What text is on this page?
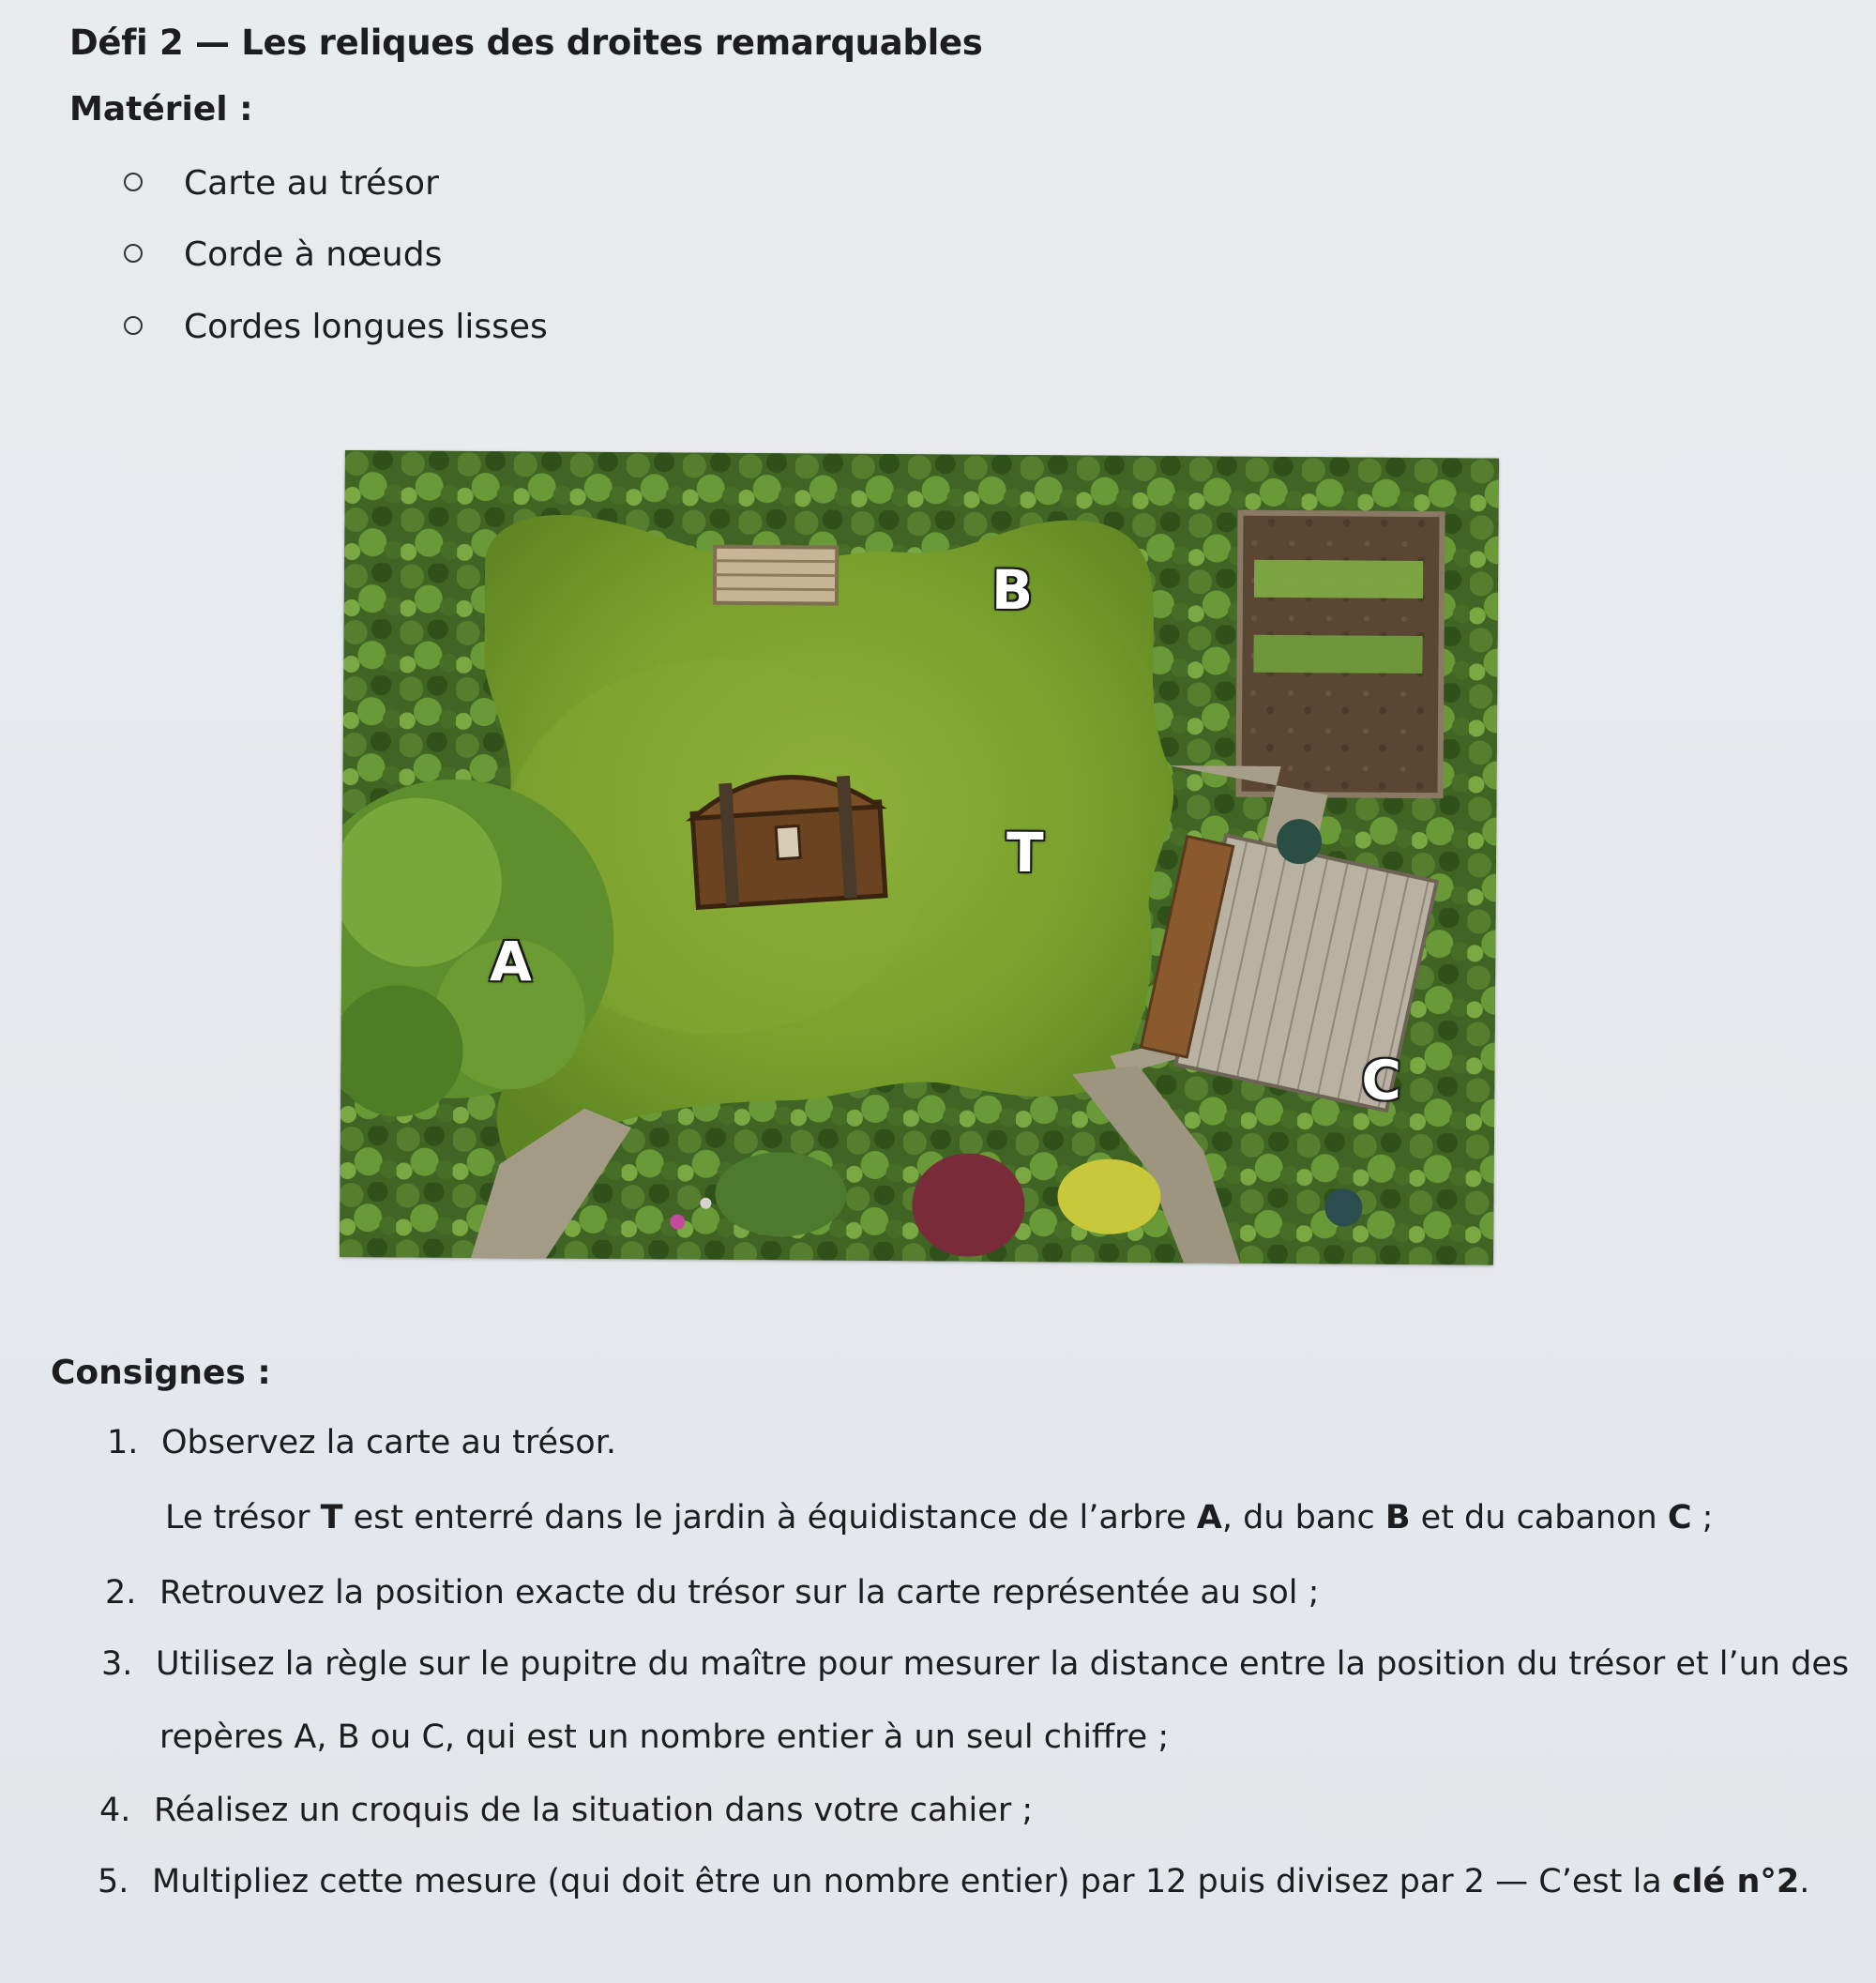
Défi 2 — Les reliques des droites remarquables
Matériel :
Carte au trésor
Corde à nœuds
Cordes longues lisses
B
T
A
C
Consignes :
1. Observez la carte au trésor.
Le trésor T est enterré dans le jardin à équidistance de l’arbre A, du banc B et du cabanon C ;
2. Retrouvez la position exacte du trésor sur la carte représentée au sol ;
3. Utilisez la règle sur le pupitre du maître pour mesurer la distance entre la position du trésor et l’un des
repères A, B ou C, qui est un nombre entier à un seul chiffre ;
4. Réalisez un croquis de la situation dans votre cahier ;
5. Multipliez cette mesure (qui doit être un nombre entier) par 12 puis divisez par 2 — C’est la clé n°2.
